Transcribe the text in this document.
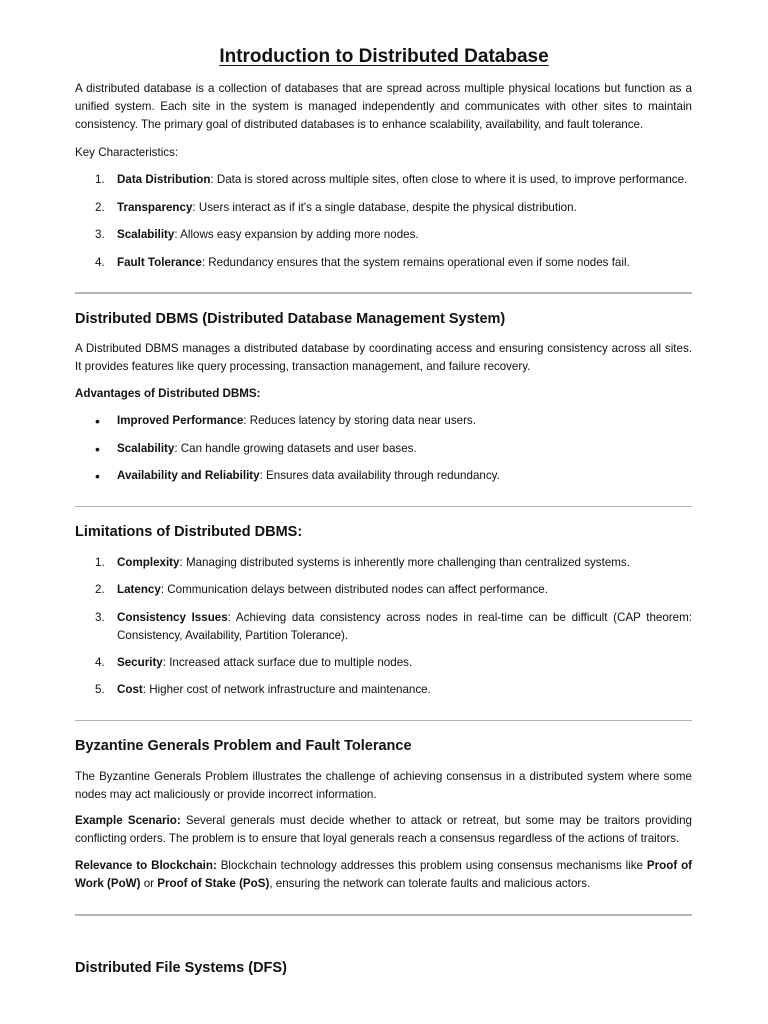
Introduction to Distributed Database

A distributed database is a collection of databases that are spread across multiple physical locations but function as a unified system. Each site in the system is managed independently and communicates with other sites to maintain consistency. The primary goal of distributed databases is to enhance scalability, availability, and fault tolerance.

Key Characteristics:

1. Data Distribution: Data is stored across multiple sites, often close to where it is used, to improve performance.
2. Transparency: Users interact as if it's a single database, despite the physical distribution.
3. Scalability: Allows easy expansion by adding more nodes.
4. Fault Tolerance: Redundancy ensures that the system remains operational even if some nodes fail.
Distributed DBMS (Distributed Database Management System)

A Distributed DBMS manages a distributed database by coordinating access and ensuring consistency across all sites. It provides features like query processing, transaction management, and failure recovery.

Advantages of Distributed DBMS:

• Improved Performance: Reduces latency by storing data near users.
• Scalability: Can handle growing datasets and user bases.
• Availability and Reliability: Ensures data availability through redundancy.
Limitations of Distributed DBMS:
1. Complexity: Managing distributed systems is inherently more challenging than centralized systems.
2. Latency: Communication delays between distributed nodes can affect performance.
3. Consistency Issues: Achieving data consistency across nodes in real-time can be difficult (CAP theorem: Consistency, Availability, Partition Tolerance).
4. Security: Increased attack surface due to multiple nodes.
5. Cost: Higher cost of network infrastructure and maintenance.
Byzantine Generals Problem and Fault Tolerance

The Byzantine Generals Problem illustrates the challenge of achieving consensus in a distributed system where some nodes may act maliciously or provide incorrect information.

Example Scenario: Several generals must decide whether to attack or retreat, but some may be traitors providing conflicting orders. The problem is to ensure that loyal generals reach a consensus regardless of the actions of traitors.

Relevance to Blockchain: Blockchain technology addresses this problem using consensus mechanisms like Proof of Work (PoW) or Proof of Stake (PoS), ensuring the network can tolerate faults and malicious actors.

Distributed File Systems (DFS)
